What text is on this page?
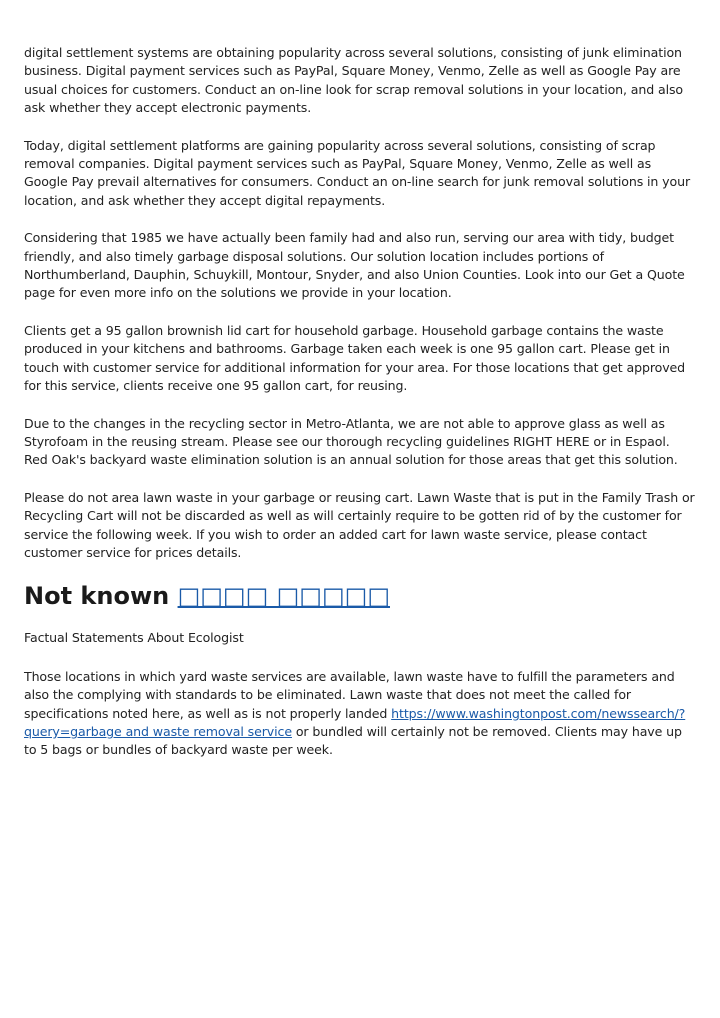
digital settlement systems are obtaining popularity across several solutions, consisting of junk elimination business. Digital payment services such as PayPal, Square Money, Venmo, Zelle as well as Google Pay are usual choices for customers. Conduct an on-line look for scrap removal solutions in your location, and also ask whether they accept electronic payments.

Today, digital settlement platforms are gaining popularity across several solutions, consisting of scrap removal companies. Digital payment services such as PayPal, Square Money, Venmo, Zelle as well as Google Pay prevail alternatives for consumers. Conduct an on-line search for junk removal solutions in your location, and ask whether they accept digital repayments.

Considering that 1985 we have actually been family had and also run, serving our area with tidy, budget friendly, and also timely garbage disposal solutions. Our solution location includes portions of Northumberland, Dauphin, Schuykill, Montour, Snyder, and also Union Counties. Look into our Get a Quote page for even more info on the solutions we provide in your location.

Clients get a 95 gallon brownish lid cart for household garbage. Household garbage contains the waste produced in your kitchens and bathrooms. Garbage taken each week is one 95 gallon cart. Please get in touch with customer service for additional information for your area. For those locations that get approved for this service, clients receive one 95 gallon cart, for reusing.

Due to the changes in the recycling sector in Metro-Atlanta, we are not able to approve glass as well as Styrofoam in the reusing stream. Please see our thorough recycling guidelines RIGHT HERE or in Espaol. Red Oak's backyard waste elimination solution is an annual solution for those areas that get this solution.

Please do not area lawn waste in your garbage or reusing cart. Lawn Waste that is put in the Family Trash or Recycling Cart will not be discarded as well as will certainly require to be gotten rid of by the customer for service the following week. If you wish to order an added cart for lawn waste service, please contact customer service for prices details.

Not known □□□□ □□□□□

Factual Statements About Ecologist

Those locations in which yard waste services are available, lawn waste have to fulfill the parameters and also the complying with standards to be eliminated. Lawn waste that does not meet the called for specifications noted here, as well as is not properly landed https://www.washingtonpost.com/newssearch/?query=garbage and waste removal service or bundled will certainly not be removed. Clients may have up to 5 bags or bundles of backyard waste per week.
